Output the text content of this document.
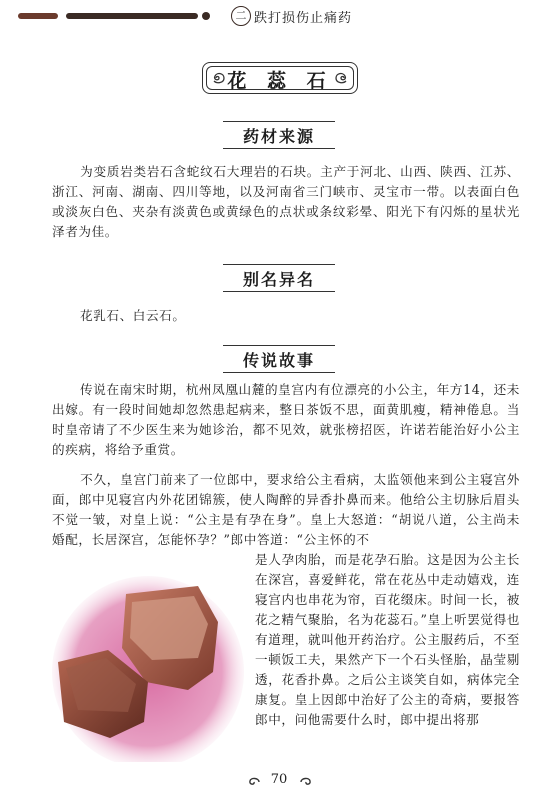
二 跌打损伤止痛药
花 蕊 石
药材来源
为变质岩类岩石含蛇纹石大理岩的石块。主产于河北、山西、陕西、江苏、浙江、河南、湖南、四川等地，以及河南省三门峡市、灵宝市一带。以表面白色或淡灰白色、夹杂有淡黄色或黄绿色的点状或条纹彩晕、阳光下有闪烁的星状光泽者为佳。
别名异名
花乳石、白云石。
传说故事
传说在南宋时期，杭州凤凰山麓的皇宫内有位漂亮的小公主，年方14，还未出嫁。有一段时间她却忽然患起病来，整日茶饭不思，面黄肌瘦，精神倦息。当时皇帝请了不少医生来为她诊治，都不见效，就张榜招医，许诺若能治好小公主的疾病，将给予重赏。
不久，皇宫门前来了一位郎中，要求给公主看病，太监领他来到公主寝宫外面，郎中见寝宫内外花团锦簇，使人陶醉的异香扑鼻而来。他给公主切脉后眉头不觉一皱，对皇上说：“公主是有孕在身”。皇上大怒道：“胡说八道，公主尚未婚配，长居深宫，怎能怀孕？”郎中答道：“公主怀的不
是人孕肉胎，而是花孕石胎。这是因为公主长在深宫，喜爱鲜花，常在花丛中走动嬉戏，连寝宫内也串花为帘，百花缀床。时间一长，被花之精气聚胎，名为花蕊石。”皇上听罢觉得也有道理，就叫他开药治疗。公主服药后，不至一顿饭工夫，果然产下一个石头怪胎，晶莹剔透，花香扑鼻。之后公主谈笑自如，病体完全康复。皇上因郎中治好了公主的奇病，要报答郎中，问他需要什么时，郎中提出将那
70
